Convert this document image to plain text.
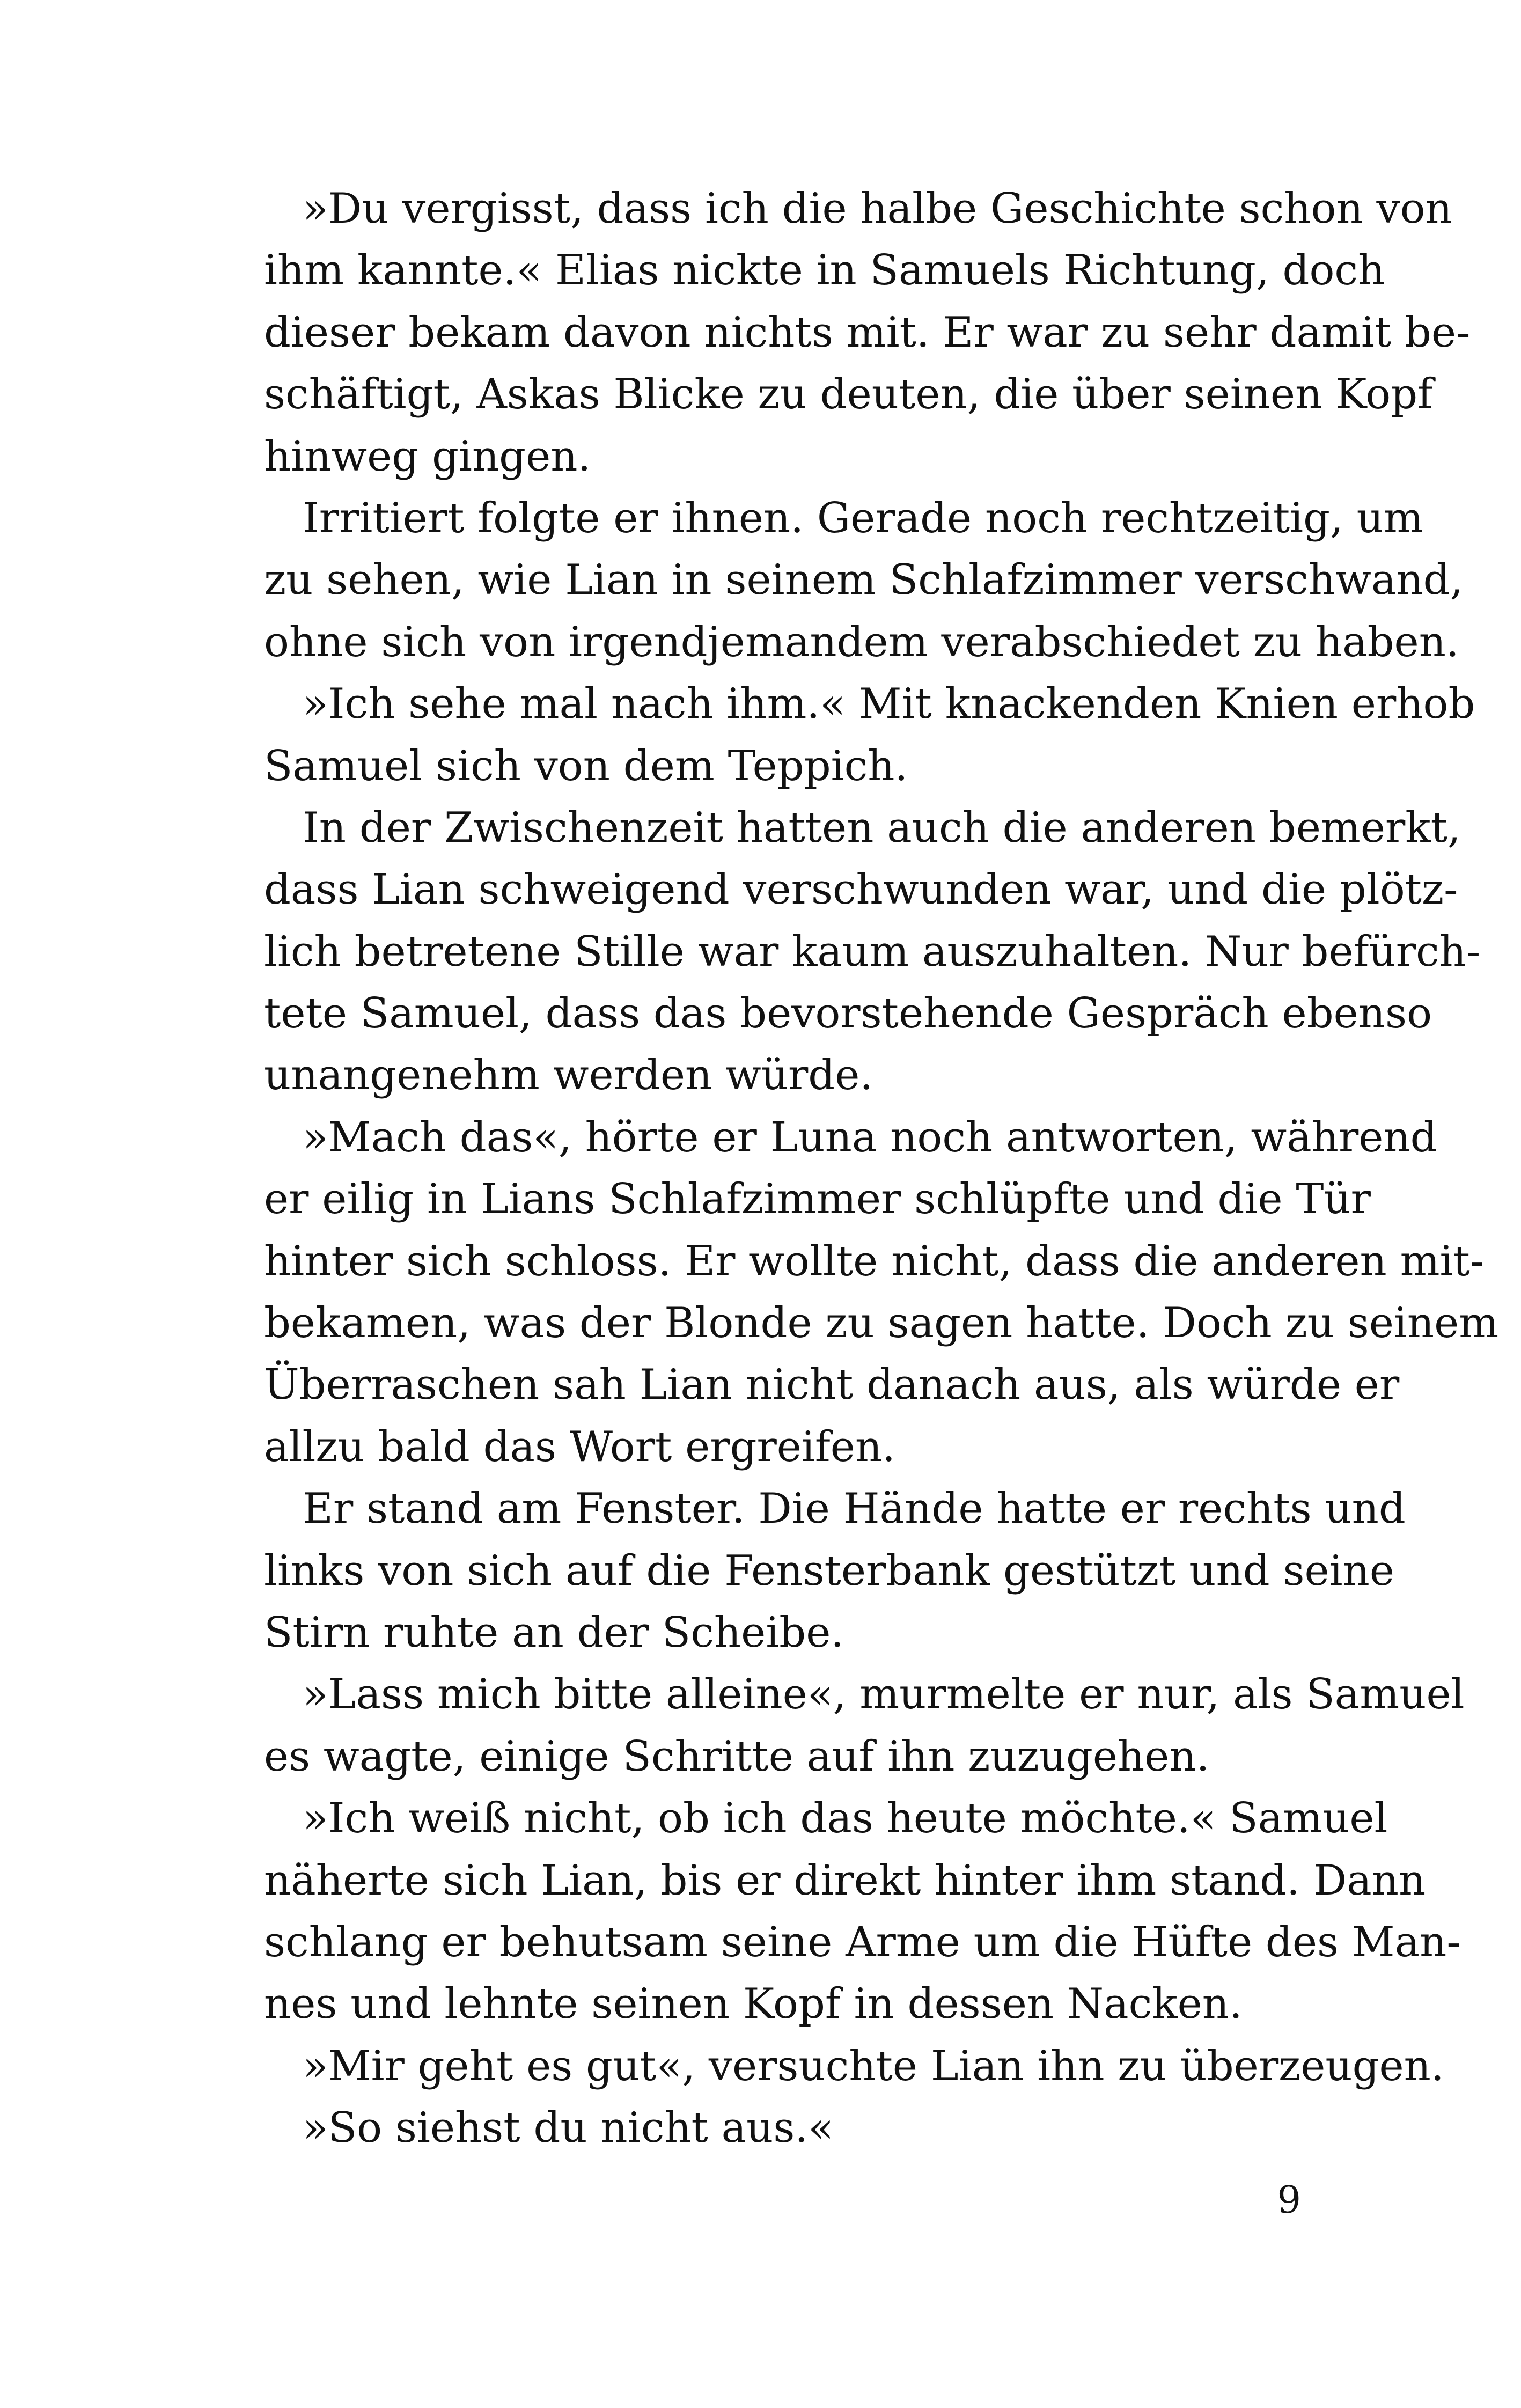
»Du vergisst, dass ich die halbe Geschichte schon von
ihm kannte.« Elias nickte in Samuels Richtung, doch
dieser bekam davon nichts mit. Er war zu sehr damit be-
schäftigt, Askas Blicke zu deuten, die über seinen Kopf
hinweg gingen.
Irritiert folgte er ihnen. Gerade noch rechtzeitig, um
zu sehen, wie Lian in seinem Schlafzimmer verschwand,
ohne sich von irgendjemandem verabschiedet zu haben.
»Ich sehe mal nach ihm.« Mit knackenden Knien erhob
Samuel sich von dem Teppich.
In der Zwischenzeit hatten auch die anderen bemerkt,
dass Lian schweigend verschwunden war, und die plötz-
lich betretene Stille war kaum auszuhalten. Nur befürch-
tete Samuel, dass das bevorstehende Gespräch ebenso
unangenehm werden würde.
»Mach das«, hörte er Luna noch antworten, während
er eilig in Lians Schlafzimmer schlüpfte und die Tür
hinter sich schloss. Er wollte nicht, dass die anderen mit-
bekamen, was der Blonde zu sagen hatte. Doch zu seinem
Überraschen sah Lian nicht danach aus, als würde er
allzu bald das Wort ergreifen.
Er stand am Fenster. Die Hände hatte er rechts und
links von sich auf die Fensterbank gestützt und seine
Stirn ruhte an der Scheibe.
»Lass mich bitte alleine«, murmelte er nur, als Samuel
es wagte, einige Schritte auf ihn zuzugehen.
»Ich weiß nicht, ob ich das heute möchte.« Samuel
näherte sich Lian, bis er direkt hinter ihm stand. Dann
schlang er behutsam seine Arme um die Hüfte des Man-
nes und lehnte seinen Kopf in dessen Nacken.
»Mir geht es gut«, versuchte Lian ihn zu überzeugen.
»So siehst du nicht aus.«
9
